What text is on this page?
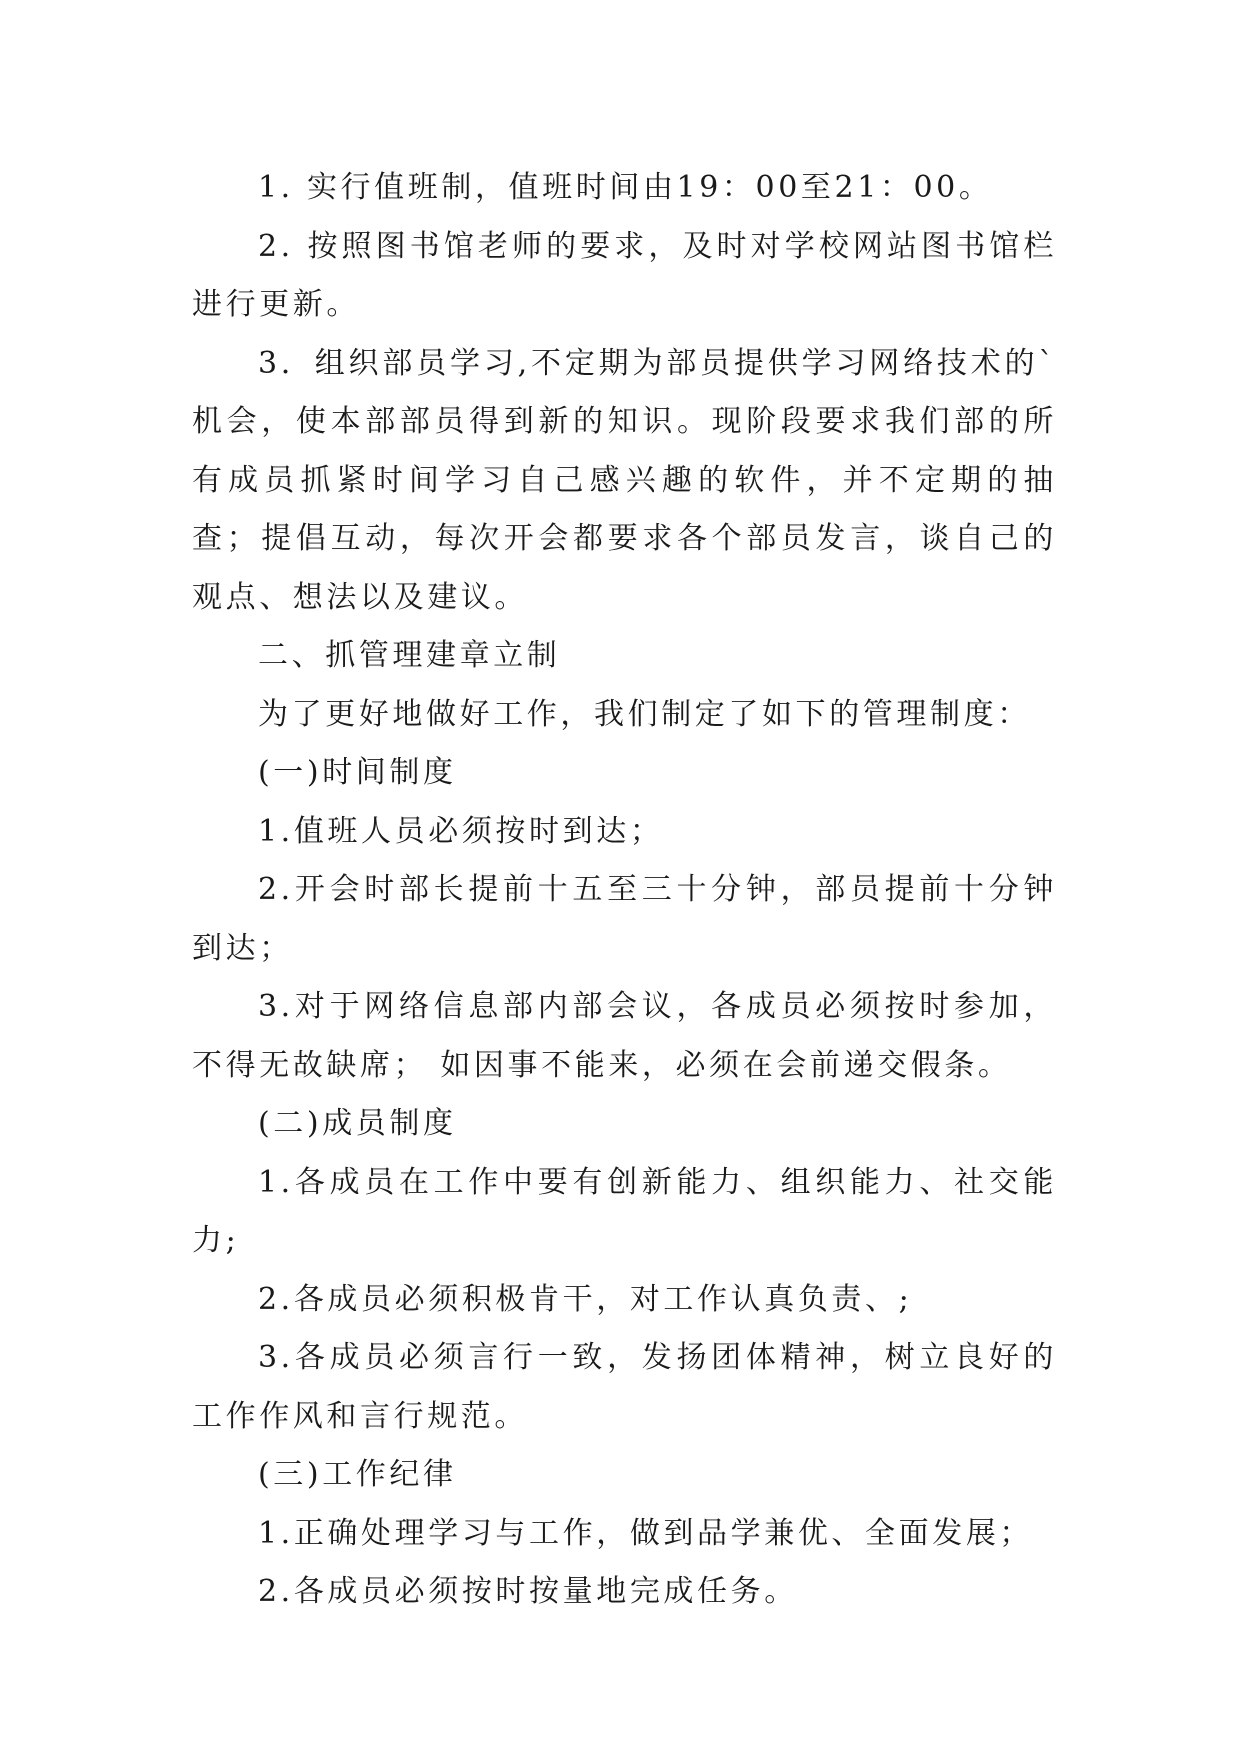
1. 实行值班制，值班时间由19：00至21：00。

2. 按照图书馆老师的要求，及时对学校网站图书馆栏进行更新。

3．组织部员学习,不定期为部员提供学习网络技术的`机会，使本部部员得到新的知识。现阶段要求我们部的所有成员抓紧时间学习自己感兴趣的软件，并不定期的抽查；提倡互动，每次开会都要求各个部员发言，谈自己的观点、想法以及建议。

二、抓管理建章立制

为了更好地做好工作，我们制定了如下的管理制度：

(一)时间制度

1.值班人员必须按时到达；

2.开会时部长提前十五至三十分钟，部员提前十分钟到达；

3.对于网络信息部内部会议，各成员必须按时参加，不得无故缺席； 如因事不能来，必须在会前递交假条。

(二)成员制度

1.各成员在工作中要有创新能力、组织能力、社交能力;

2.各成员必须积极肯干，对工作认真负责、;

3.各成员必须言行一致，发扬团体精神，树立良好的工作作风和言行规范。

(三)工作纪律

1.正确处理学习与工作，做到品学兼优、全面发展；

2.各成员必须按时按量地完成任务。
